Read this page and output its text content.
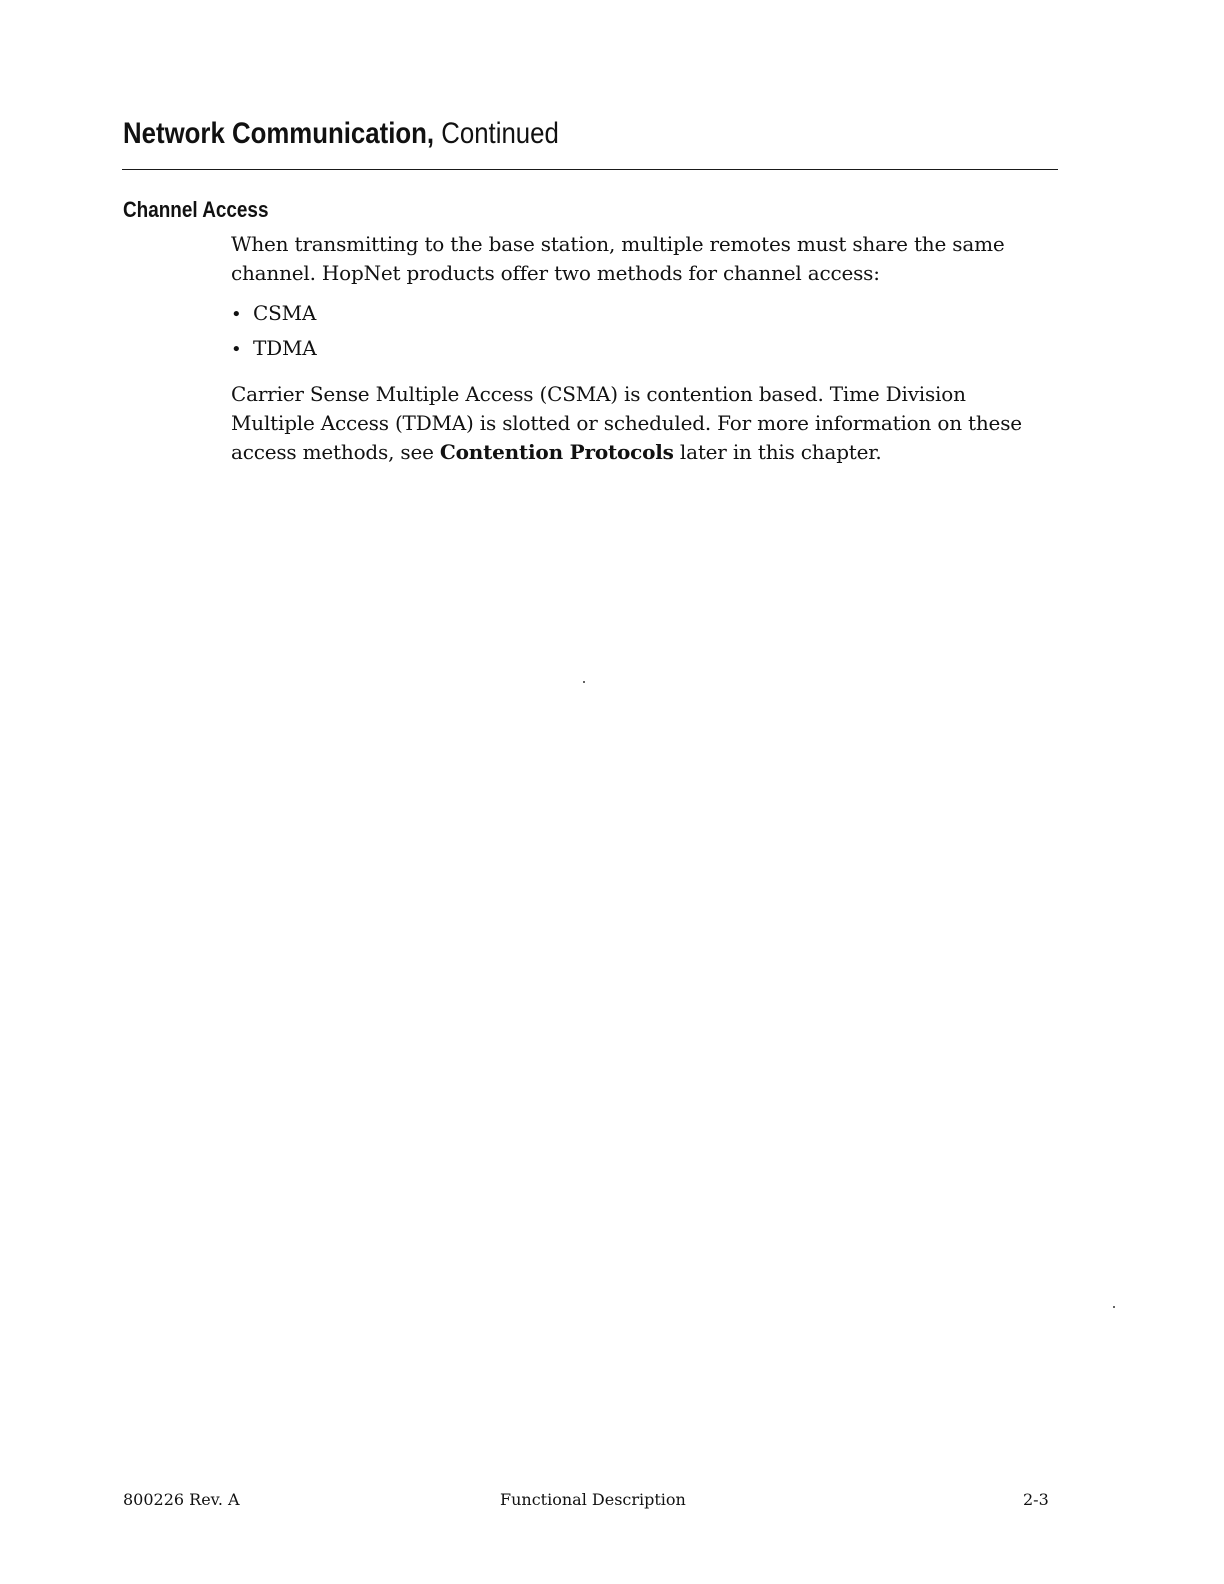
Network Communication, Continued
Channel Access

When transmitting to the base station, multiple remotes must share the same channel. HopNet products offer two methods for channel access:

• CSMA
• TDMA

Carrier Sense Multiple Access (CSMA) is contention based. Time Division Multiple Access (TDMA) is slotted or scheduled. For more information on these access methods, see Contention Protocols later in this chapter.

800226 Rev. A	Functional Description	2-3
